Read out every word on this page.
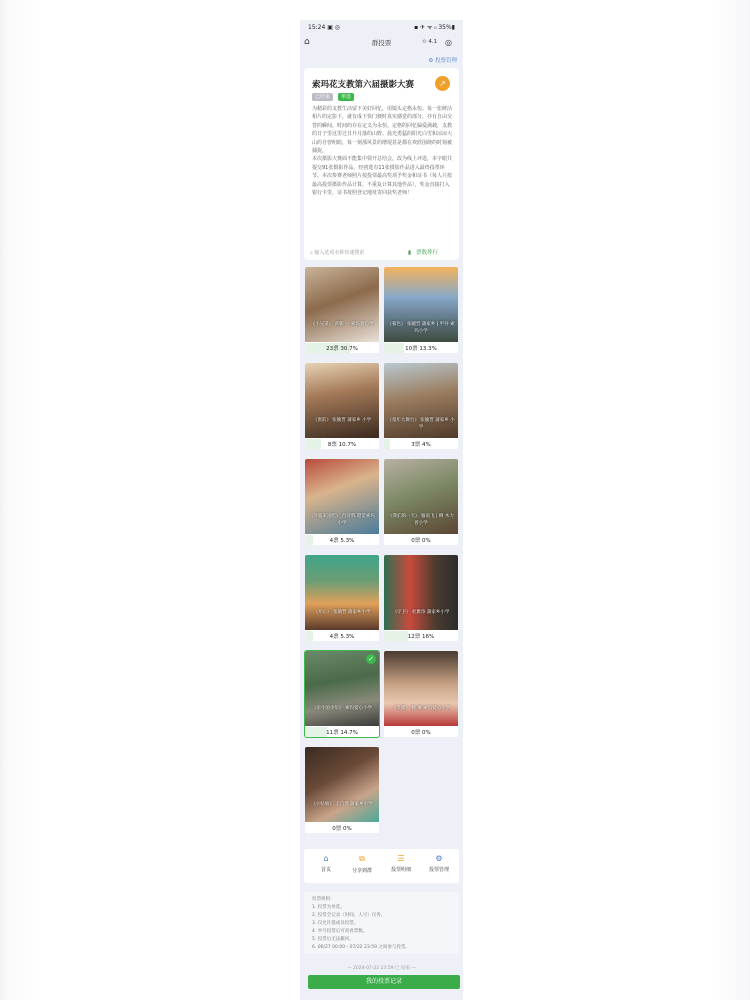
15:24 ▣ ◎	▪ ✈ ᯤ ᵢₗ 35%▮
⌂	群投票	✩ 4.1 ◎
⚙ 投票管理
索玛花支教第六届摄影大赛	↗
已结束	单选
为精彩的支教生活留下美好回忆，用镜头定格永恒。每一张鲜活相片的定影下，就有成下快门便时真实感觉的部分，亦有自由交替的瞬间。时间的存在定义为永恒。定格的回忆偏爱满载，支教的日子里这里过日升月落的山野、晨光勇猛的阳光白雪和凉凉大山的自曾明暗，每一刻那风景的增堤甚是都在欢欣围绕的时刻被捕捉。
本次摄影大赛面不能集中领开总结会，改为线上评选，本字眼共提交91张摄影作品，经初选有11张摄影作品进入最终投票环节。本次参赛老师照片按投票最高奖项予奖金和证书（每人只按最高投票摄影作品计算，不重复计算其他作品），奖金直接打入银行卡里，证书按照登记地址寄回获奖老师！
⌕ 输入选项名称快速搜索	▮ 票数排行
《小兄弟》 武朝 一 索玛爱心学
23票 30.7%
《暮色》 张毓晋 蒲家乡 | 甲谷 索玛小学
10票 13.3%
《窗前》 张毓晋 蒲家乡 小学
8票 10.7%
《童年大舞台》 张毓晋 蒲家乡 小学
3票 4%
《外婆来送吃》 吕诗辉 昭觉索玛小学
4票 5.3%
《我们的一天》 雁南飞 | 柳 木力普小学
0票 0%
《开心》 张毓晋 蒲家乡小学
4票 5.3%
《守卫》 杜雅珍 蒲家乡小学
12票 16%
《牵牛的少年》 索玛爱心小学
11票 14.7%
✓
《笑靥》 杨 琳 索玛爱心小学
0票 0%
《小姑娘》 王自然 蒲家乡小学
0票 0%
⌂
首页
⧉
分享到群
☰
投票明细
⚙
投票管理
投票规则：
1. 投票为单选。
2. 投票全记录（时间、人号）仅各。
3. 仅允许群成员投票。
4. 单号投票后可查看票数。
5. 投票后无法撤回。
6. 06/27 00:00 - 07/22 23:59 之间参与投票。
— 2024-07-22 23:59 已 结束 —
我的投票记录
